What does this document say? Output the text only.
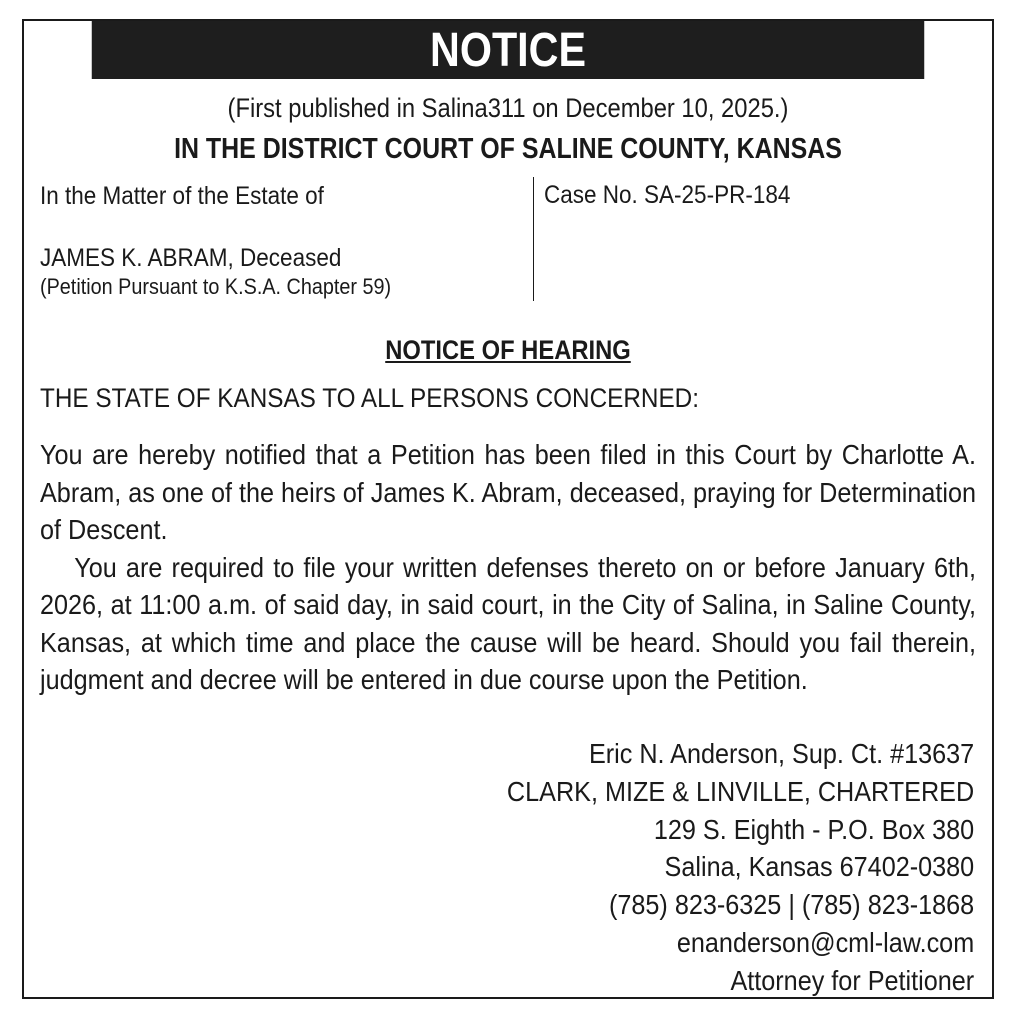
NOTICE
(First published in Salina311 on December 10, 2025.)
IN THE DISTRICT COURT OF SALINE COUNTY, KANSAS
In the Matter of the Estate of
JAMES K. ABRAM, Deceased
(Petition Pursuant to K.S.A. Chapter 59)
Case No. SA-25-PR-184
NOTICE OF HEARING
THE STATE OF KANSAS TO ALL PERSONS CONCERNED:

You are hereby notified that a Petition has been filed in this Court by Charlotte A. Abram, as one of the heirs of James K. Abram, deceased, praying for Determination of Descent.

You are required to file your written defenses thereto on or before January 6th, 2026, at 11:00 a.m. of said day, in said court, in the City of Salina, in Saline County, Kansas, at which time and place the cause will be heard. Should you fail therein, judgment and decree will be entered in due course upon the Petition.

Eric N. Anderson, Sup. Ct. #13637
CLARK, MIZE & LINVILLE, CHARTERED
129 S. Eighth - P.O. Box 380
Salina, Kansas 67402-0380
(785) 823-6325 | (785) 823-1868
enanderson@cml-law.com
Attorney for Petitioner
